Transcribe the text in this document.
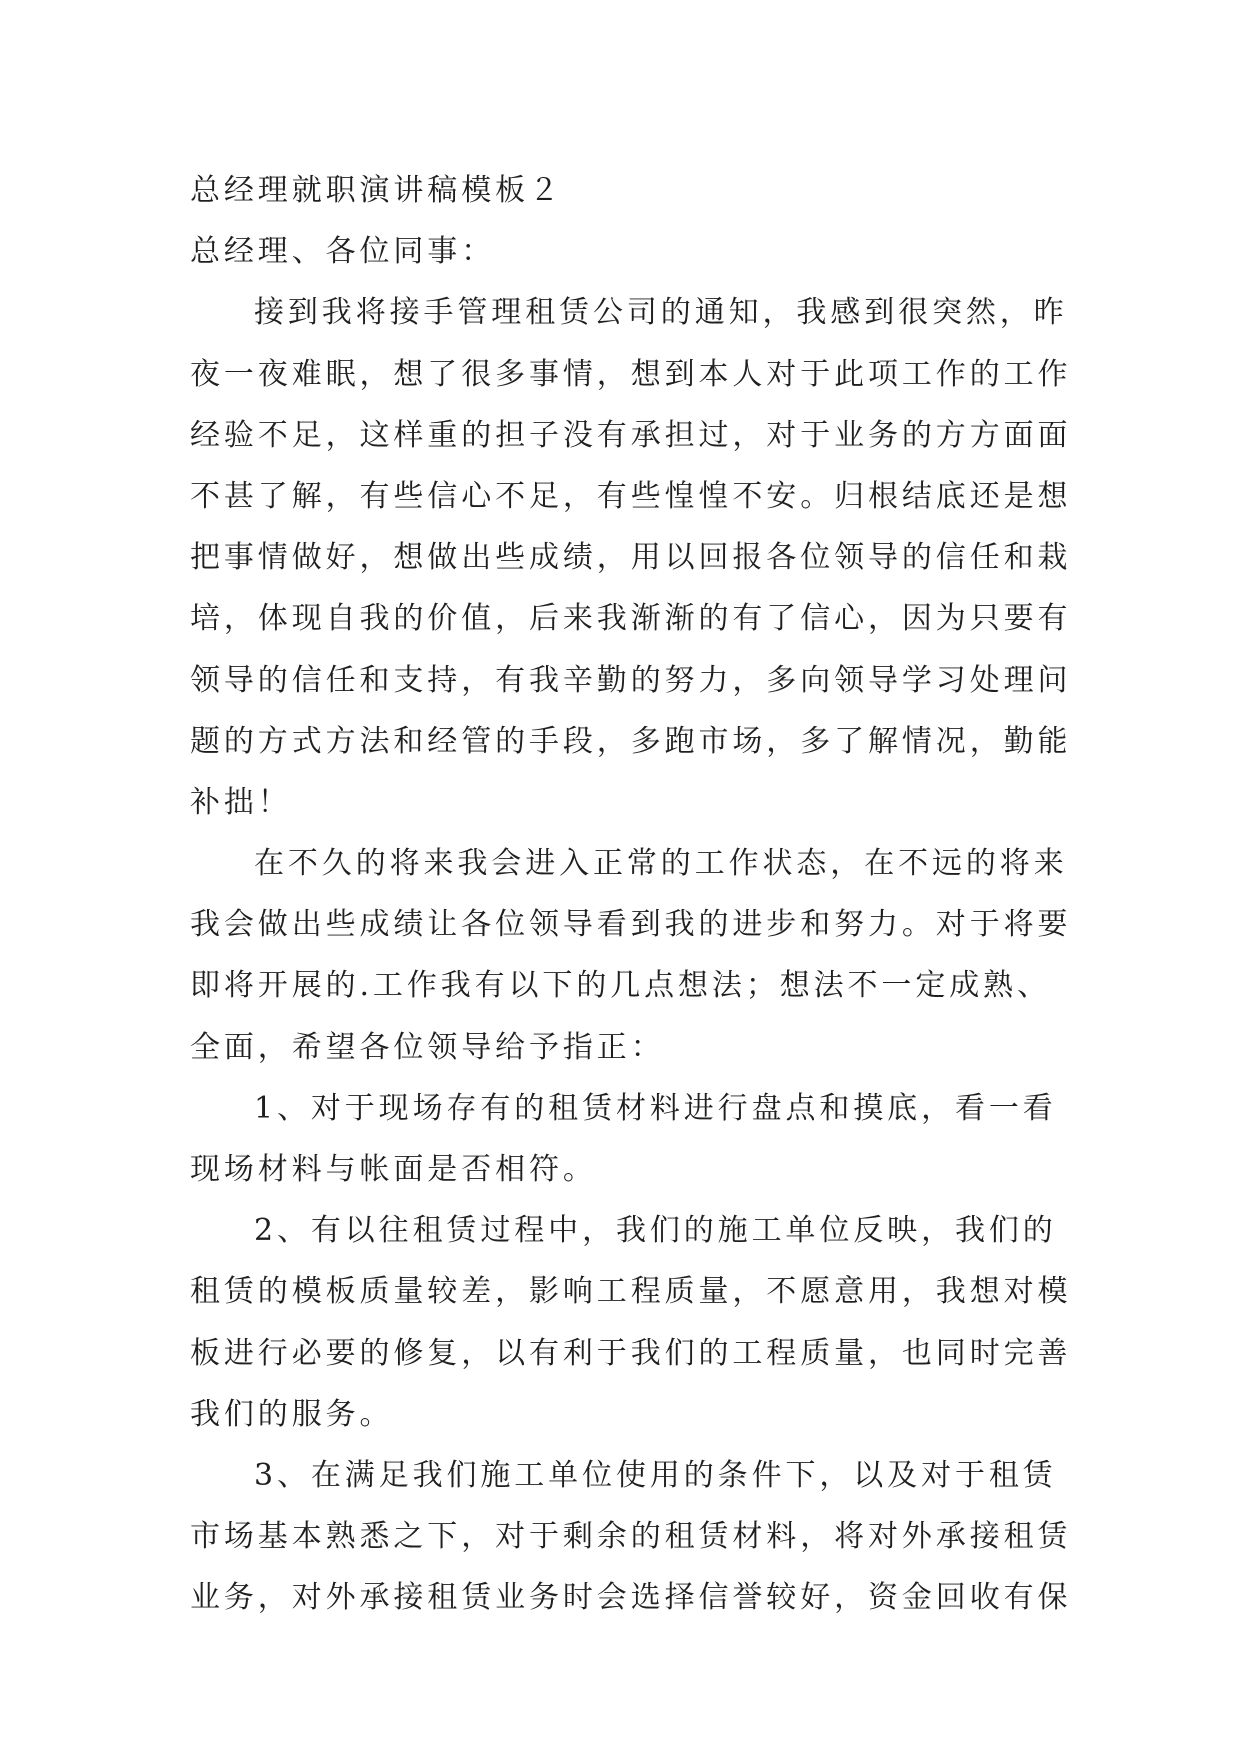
总经理就职演讲稿模板２
总经理、各位同事：
接到我将接手管理租赁公司的通知，我感到很突然，昨
夜一夜难眠，想了很多事情，想到本人对于此项工作的工作
经验不足，这样重的担子没有承担过，对于业务的方方面面
不甚了解，有些信心不足，有些惶惶不安。归根结底还是想
把事情做好，想做出些成绩，用以回报各位领导的信任和栽
培，体现自我的价值，后来我渐渐的有了信心，因为只要有
领导的信任和支持，有我辛勤的努力，多向领导学习处理问
题的方式方法和经管的手段，多跑市场，多了解情况，勤能
补拙！
在不久的将来我会进入正常的工作状态，在不远的将来
我会做出些成绩让各位领导看到我的进步和努力。对于将要
即将开展的.工作我有以下的几点想法；想法不一定成熟、
全面，希望各位领导给予指正：
1、对于现场存有的租赁材料进行盘点和摸底，看一看
现场材料与帐面是否相符。
2、有以往租赁过程中，我们的施工单位反映，我们的
租赁的模板质量较差，影响工程质量，不愿意用，我想对模
板进行必要的修复，以有利于我们的工程质量，也同时完善
我们的服务。
3、在满足我们施工单位使用的条件下，以及对于租赁
市场基本熟悉之下，对于剩余的租赁材料，将对外承接租赁
业务，对外承接租赁业务时会选择信誉较好，资金回收有保
